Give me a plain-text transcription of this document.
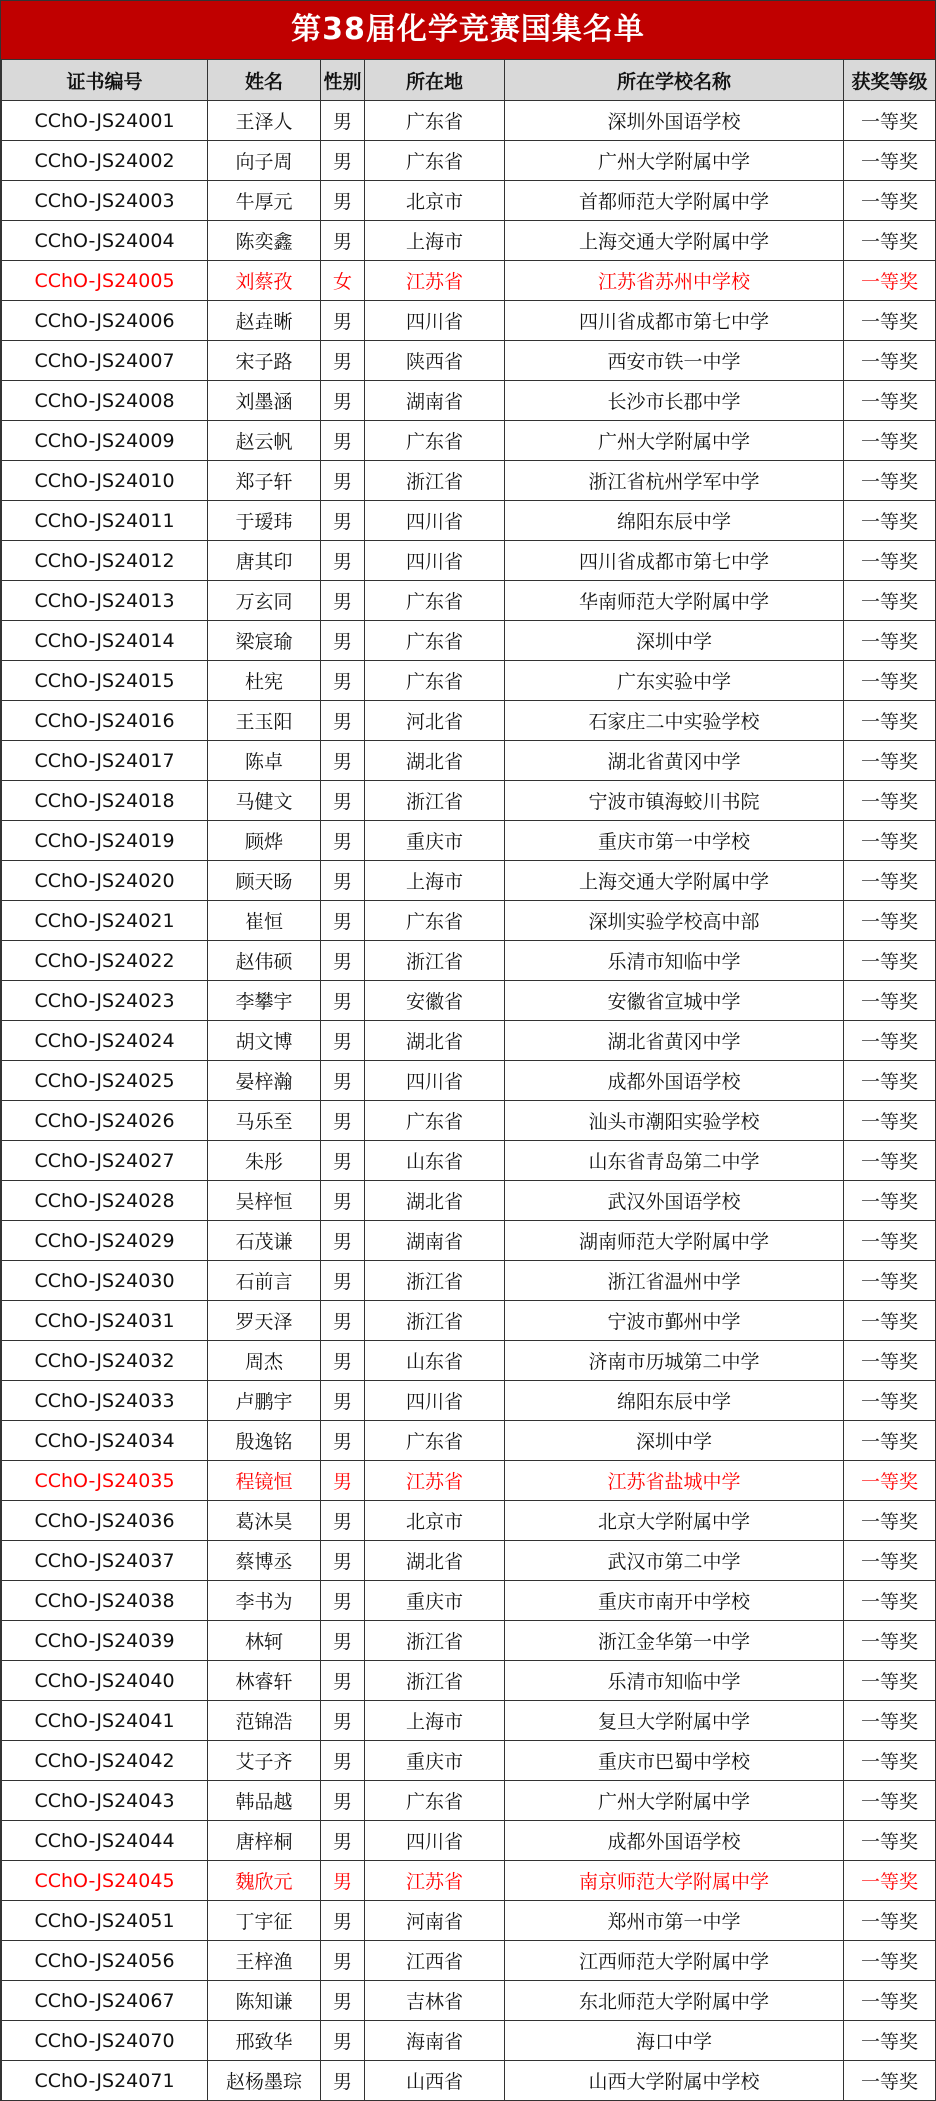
第38届化学竞赛国集名单
证书编号	姓名	性别	所在地	所在学校名称	获奖等级
CChO-JS24001	王泽人	男	广东省	深圳外国语学校	一等奖
CChO-JS24002	向子周	男	广东省	广州大学附属中学	一等奖
CChO-JS24003	牛厚元	男	北京市	首都师范大学附属中学	一等奖
CChO-JS24004	陈奕鑫	男	上海市	上海交通大学附属中学	一等奖
CChO-JS24005	刘蔡孜	女	江苏省	江苏省苏州中学校	一等奖
CChO-JS24006	赵垚晰	男	四川省	四川省成都市第七中学	一等奖
CChO-JS24007	宋子路	男	陕西省	西安市铁一中学	一等奖
CChO-JS24008	刘墨涵	男	湖南省	长沙市长郡中学	一等奖
CChO-JS24009	赵云帆	男	广东省	广州大学附属中学	一等奖
CChO-JS24010	郑子轩	男	浙江省	浙江省杭州学军中学	一等奖
CChO-JS24011	于瑷玮	男	四川省	绵阳东辰中学	一等奖
CChO-JS24012	唐其印	男	四川省	四川省成都市第七中学	一等奖
CChO-JS24013	万玄同	男	广东省	华南师范大学附属中学	一等奖
CChO-JS24014	梁宸瑜	男	广东省	深圳中学	一等奖
CChO-JS24015	杜宪	男	广东省	广东实验中学	一等奖
CChO-JS24016	王玉阳	男	河北省	石家庄二中实验学校	一等奖
CChO-JS24017	陈卓	男	湖北省	湖北省黄冈中学	一等奖
CChO-JS24018	马健文	男	浙江省	宁波市镇海蛟川书院	一等奖
CChO-JS24019	顾烨	男	重庆市	重庆市第一中学校	一等奖
CChO-JS24020	顾天旸	男	上海市	上海交通大学附属中学	一等奖
CChO-JS24021	崔恒	男	广东省	深圳实验学校高中部	一等奖
CChO-JS24022	赵伟硕	男	浙江省	乐清市知临中学	一等奖
CChO-JS24023	李攀宇	男	安徽省	安徽省宣城中学	一等奖
CChO-JS24024	胡文博	男	湖北省	湖北省黄冈中学	一等奖
CChO-JS24025	晏梓瀚	男	四川省	成都外国语学校	一等奖
CChO-JS24026	马乐至	男	广东省	汕头市潮阳实验学校	一等奖
CChO-JS24027	朱彤	男	山东省	山东省青岛第二中学	一等奖
CChO-JS24028	吴梓恒	男	湖北省	武汉外国语学校	一等奖
CChO-JS24029	石茂谦	男	湖南省	湖南师范大学附属中学	一等奖
CChO-JS24030	石前言	男	浙江省	浙江省温州中学	一等奖
CChO-JS24031	罗天泽	男	浙江省	宁波市鄞州中学	一等奖
CChO-JS24032	周杰	男	山东省	济南市历城第二中学	一等奖
CChO-JS24033	卢鹏宇	男	四川省	绵阳东辰中学	一等奖
CChO-JS24034	殷逸铭	男	广东省	深圳中学	一等奖
CChO-JS24035	程镜恒	男	江苏省	江苏省盐城中学	一等奖
CChO-JS24036	葛沐昊	男	北京市	北京大学附属中学	一等奖
CChO-JS24037	蔡博丞	男	湖北省	武汉市第二中学	一等奖
CChO-JS24038	李书为	男	重庆市	重庆市南开中学校	一等奖
CChO-JS24039	林轲	男	浙江省	浙江金华第一中学	一等奖
CChO-JS24040	林睿轩	男	浙江省	乐清市知临中学	一等奖
CChO-JS24041	范锦浩	男	上海市	复旦大学附属中学	一等奖
CChO-JS24042	艾子齐	男	重庆市	重庆市巴蜀中学校	一等奖
CChO-JS24043	韩品越	男	广东省	广州大学附属中学	一等奖
CChO-JS24044	唐梓桐	男	四川省	成都外国语学校	一等奖
CChO-JS24045	魏欣元	男	江苏省	南京师范大学附属中学	一等奖
CChO-JS24051	丁宇征	男	河南省	郑州市第一中学	一等奖
CChO-JS24056	王梓渔	男	江西省	江西师范大学附属中学	一等奖
CChO-JS24067	陈知谦	男	吉林省	东北师范大学附属中学	一等奖
CChO-JS24070	邢致华	男	海南省	海口中学	一等奖
CChO-JS24071	赵杨墨琮	男	山西省	山西大学附属中学校	一等奖
